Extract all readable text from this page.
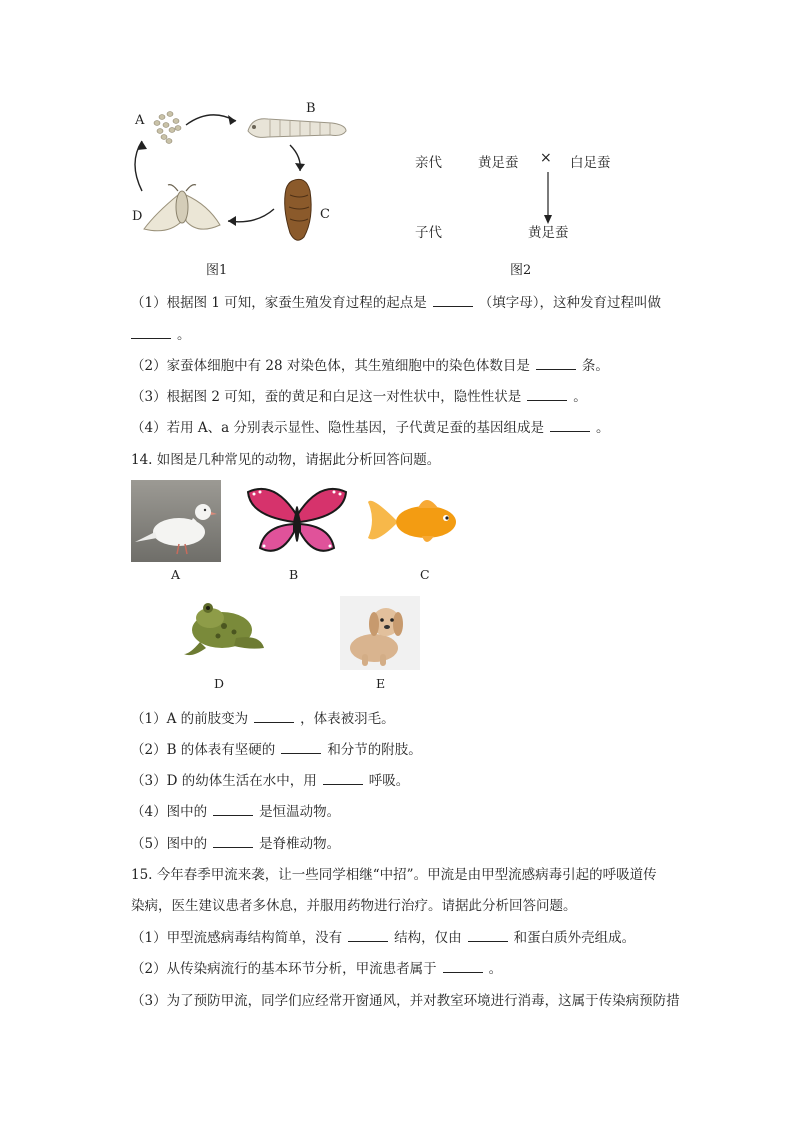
A
B
C
D
图1
亲代	黄足蚕 × 白足蚕
子代	黄足蚕
图2
（1）根据图 1 可知，家蚕生殖发育过程的起点是	（填字母），这种发育过程叫做
。
（2）家蚕体细胞中有 28 对染色体，其生殖细胞中的染色体数目是	条。
（3）根据图 2 可知，蚕的黄足和白足这一对性状中，隐性性状是	。
（4）若用 A、a 分别表示显性、隐性基因，子代黄足蚕的基因组成是	。
14. 如图是几种常见的动物，请据此分析回答问题。
A	B	C
D	E
（1）A 的前肢变为	，体表被羽毛。
（2）B 的体表有坚硬的	和分节的附肢。
（3）D 的幼体生活在水中，用	呼吸。
（4）图中的	是恒温动物。
（5）图中的	是脊椎动物。
15. 今年春季甲流来袭，让一些同学相继“中招”。甲流是由甲型流感病毒引起的呼吸道传
染病，医生建议患者多休息，并服用药物进行治疗。请据此分析回答问题。
（1）甲型流感病毒结构简单，没有	结构，仅由	和蛋白质外壳组成。
（2）从传染病流行的基本环节分析，甲流患者属于	。
（3）为了预防甲流，同学们应经常开窗通风，并对教室环境进行消毒，这属于传染病预防措
